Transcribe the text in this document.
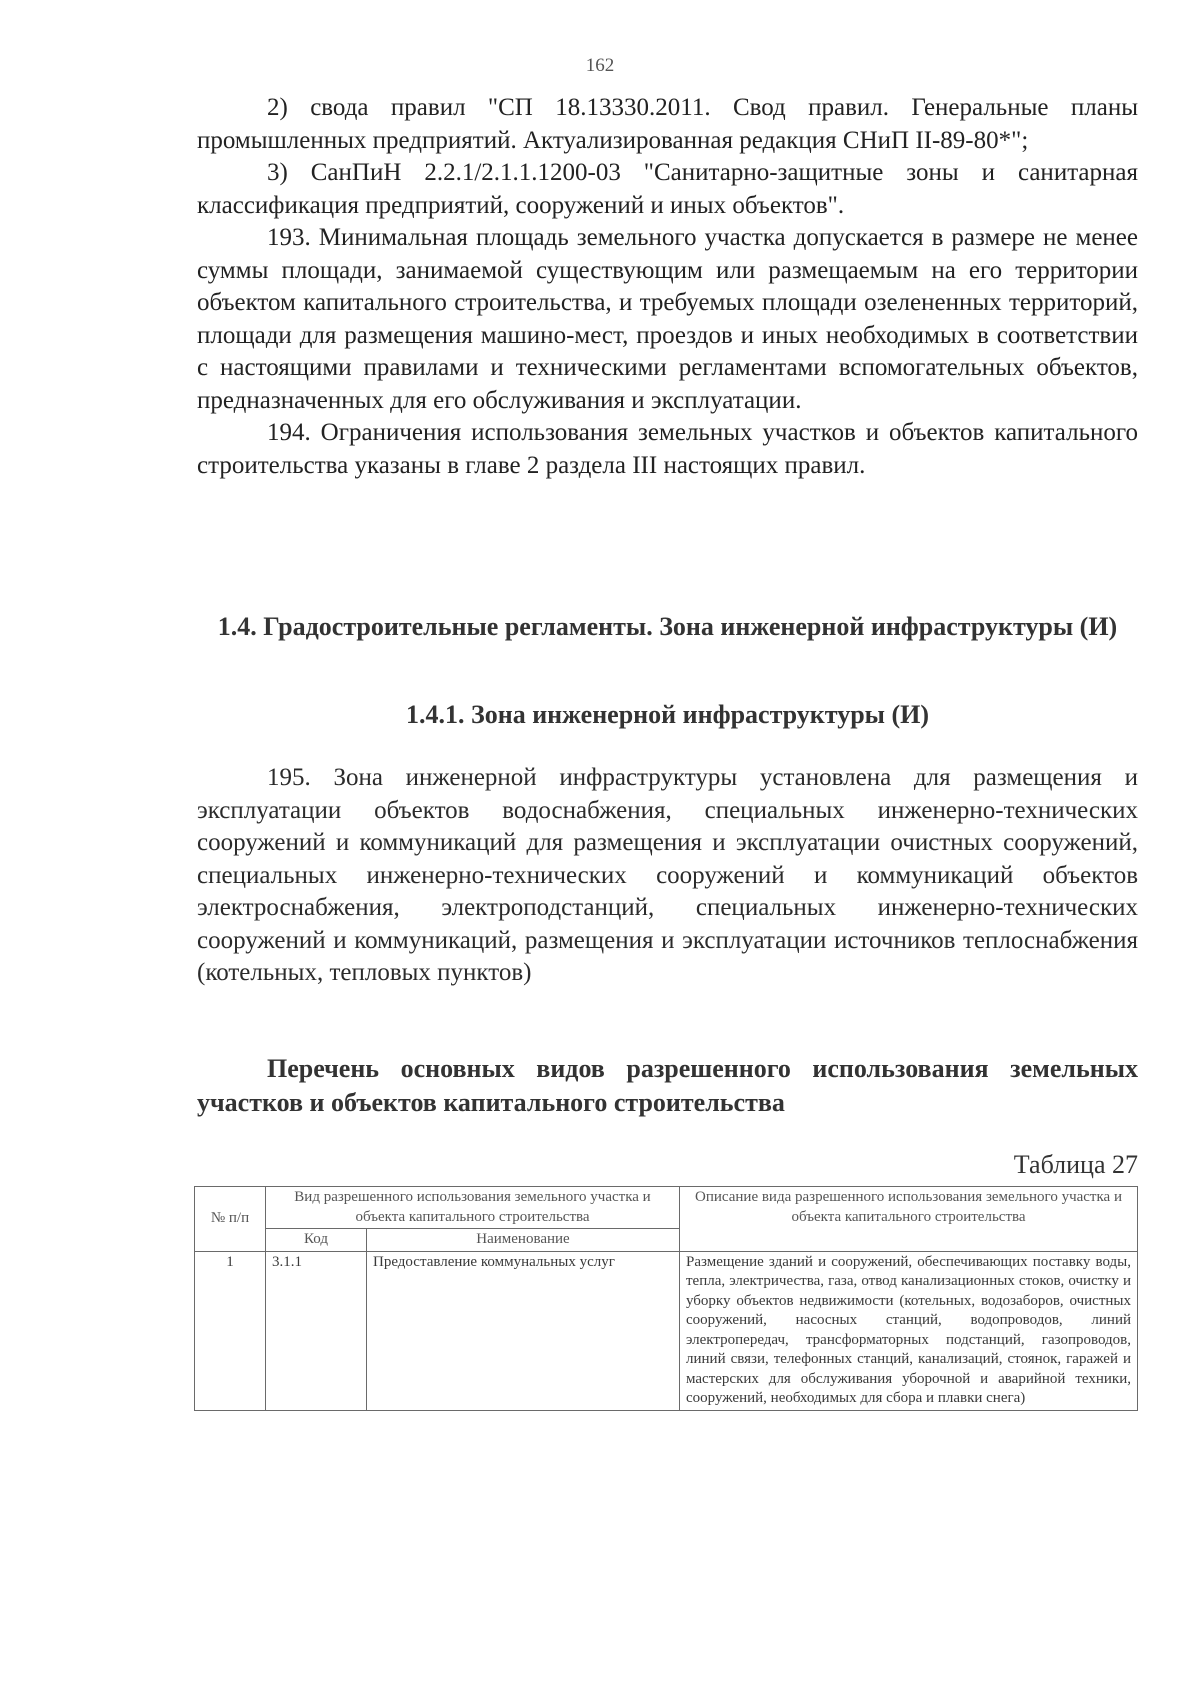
162

2) свода правил "СП 18.13330.2011. Свод правил. Генеральные планы промышленных предприятий. Актуализированная редакция СНиП II-89-80*";

3) СанПиН 2.2.1/2.1.1.1200-03 "Санитарно-защитные зоны и санитарная классификация предприятий, сооружений и иных объектов".

193. Минимальная площадь земельного участка допускается в размере не менее суммы площади, занимаемой существующим или размещаемым на его территории объектом капитального строительства, и требуемых площади озелененных территорий, площади для размещения машино-мест, проездов и иных необходимых в соответствии с настоящими правилами и техническими регламентами вспомогательных объектов, предназначенных для его обслуживания и эксплуатации.

194. Ограничения использования земельных участков и объектов капитального строительства указаны в главе 2 раздела III настоящих правил.

1.4. Градостроительные регламенты. Зона инженерной инфраструктуры (И)
1.4.1. Зона инженерной инфраструктуры (И)

195. Зона инженерной инфраструктуры установлена для размещения и эксплуатации объектов водоснабжения, специальных инженерно-технических сооружений и коммуникаций для размещения и эксплуатации очистных сооружений, специальных инженерно-технических сооружений и коммуникаций объектов электроснабжения, электроподстанций, специальных инженерно-технических сооружений и коммуникаций, размещения и эксплуатации источников теплоснабжения (котельных, тепловых пунктов)

Перечень основных видов разрешенного использования земельных участков и объектов капитального строительства
Таблица 27
№ п/п	Вид разрешенного использования земельного участка и объекта капитального строительства		Описание вида разрешенного использования земельного участка и объекта капитального строительства
	Код	Наименование	
1	3.1.1	Предоставление коммунальных услуг	Размещение зданий и сооружений, обеспечивающих поставку воды, тепла, электричества, газа, отвод канализационных стоков, очистку и уборку объектов недвижимости (котельных, водозаборов, очистных сооружений, насосных станций, водопроводов, линий электропередач, трансформаторных подстанций, газопроводов, линий связи, телефонных станций, канализаций, стоянок, гаражей и мастерских для обслуживания уборочной и аварийной техники, сооружений, необходимых для сбора и плавки снега)
